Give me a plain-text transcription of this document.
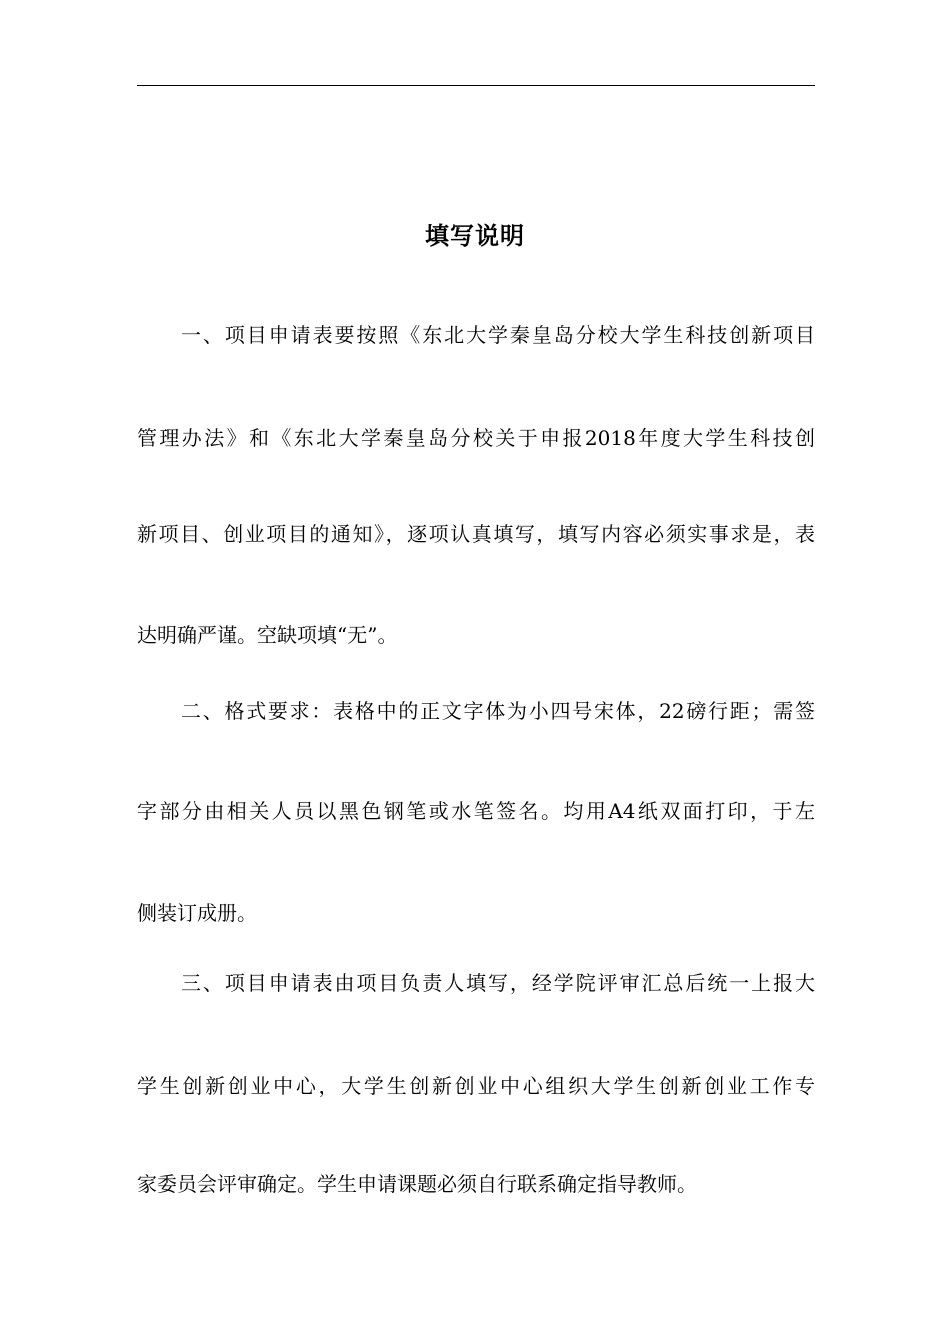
填写说明
一、项目申请表要按照《东北大学秦皇岛分校大学生科技创新项目
管理办法》和《东北大学秦皇岛分校关于申报2018年度大学生科技创
新项目、创业项目的通知》，逐项认真填写，填写内容必须实事求是，表
达明确严谨。空缺项填“无”。
二、格式要求：表格中的正文字体为小四号宋体，22磅行距；需签
字部分由相关人员以黑色钢笔或水笔签名。均用A4纸双面打印，于左
侧装订成册。
三、项目申请表由项目负责人填写，经学院评审汇总后统一上报大
学生创新创业中心，大学生创新创业中心组织大学生创新创业工作专
家委员会评审确定。学生申请课题必须自行联系确定指导教师。
